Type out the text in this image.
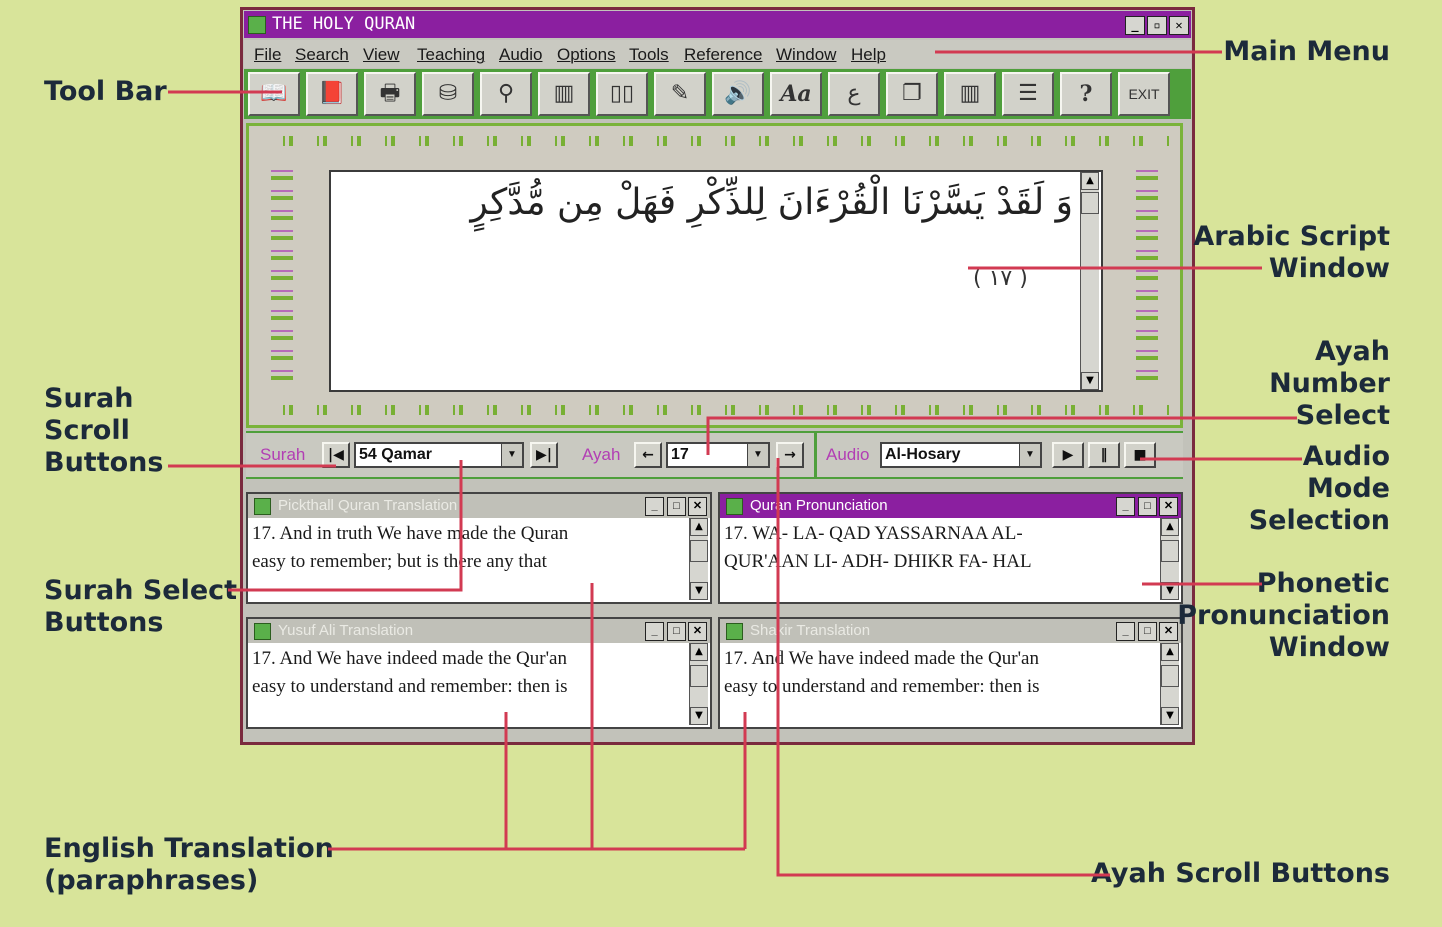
THE HOLY QURAN	_	▫	✕
File Search View Teaching Audio Options Tools Reference Window Help
📖	📕	🖶	⛁	⚲	▥	▯▯	✎	🔊	Aa	ع	❐	▥	☰	?	EXIT
وَ لَقَدْ يَسَّرْنَا الْقُرْءَانَ لِلذِّكْرِ فَهَلْ مِن مُّدَّكِرٍ
( ١٧ )
▲
▼
Surah	|◀ 54 Qamar	▼	▶|	Ayah	←	17	▼	→	Audio Al-Hosary	▼	▶	‖	■
Pickthall Quran Translation	_	□	✕
17. And in truth We have made the Quran
easy to remember; but is there any that
▲
▼
Quran Pronunciation	_	□	✕
17. WA- LA- QAD YASSARNAA AL-
QUR'AAN LI- ADH- DHIKR FA- HAL
▲
▼
Yusuf Ali Translation	_	□	✕
17. And We have indeed made the Qur'an
easy to understand and remember: then is
▲
▼
Shakir Translation	_	□	✕
17. And We have indeed made the Qur'an
easy to understand and remember: then is
▲
▼
Tool Bar
Main Menu
Arabic Script
Window
Ayah
Number
Select
Surah
Scroll
Buttons	Audio
Mode
Selection
Surah Select
Buttons
Phonetic
Pronunciation
Window
English Translation
(paraphrases)	Ayah Scroll Buttons
